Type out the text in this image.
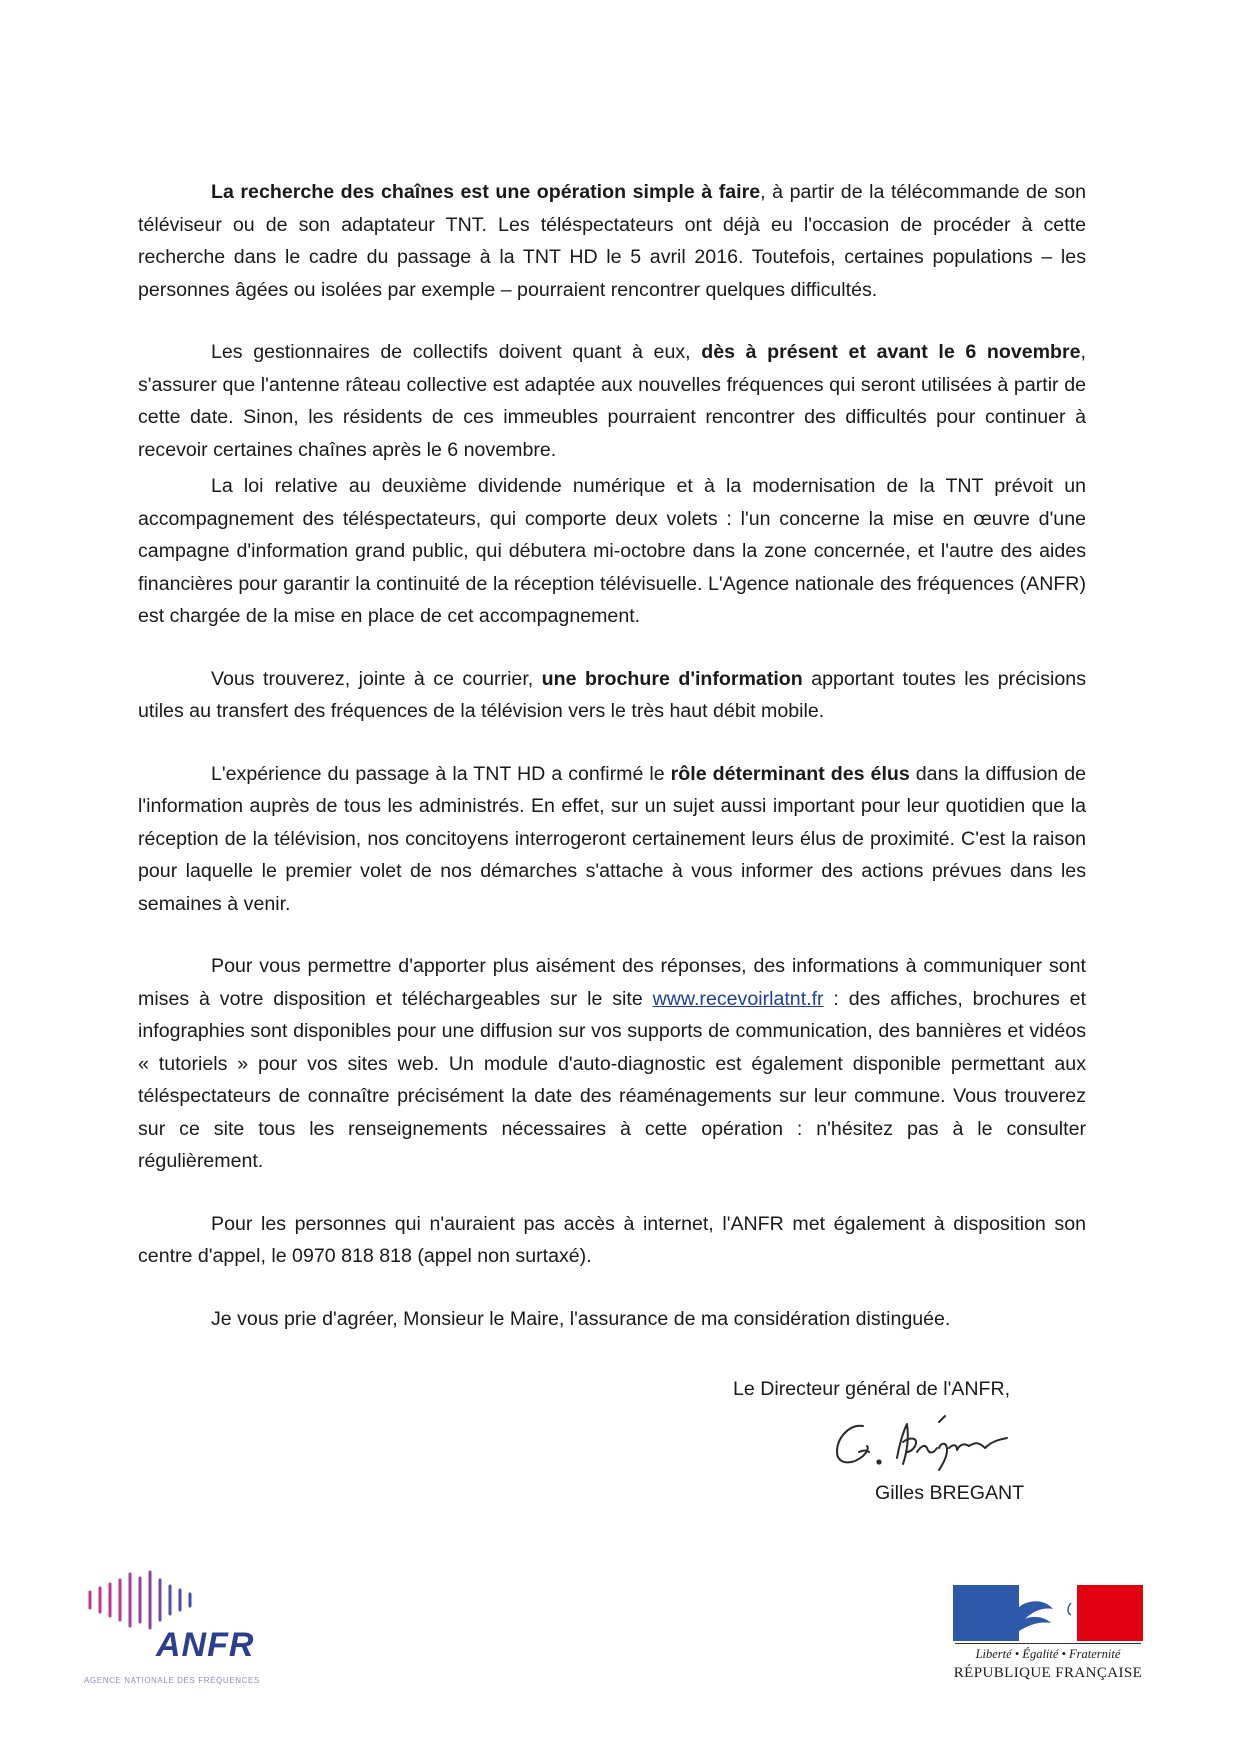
La recherche des chaînes est une opération simple à faire, à partir de la télécommande de son téléviseur ou de son adaptateur TNT. Les téléspectateurs ont déjà eu l'occasion de procéder à cette recherche dans le cadre du passage à la TNT HD le 5 avril 2016. Toutefois, certaines populations – les personnes âgées ou isolées par exemple – pourraient rencontrer quelques difficultés.

Les gestionnaires de collectifs doivent quant à eux, dès à présent et avant le 6 novembre, s'assurer que l'antenne râteau collective est adaptée aux nouvelles fréquences qui seront utilisées à partir de cette date. Sinon, les résidents de ces immeubles pourraient rencontrer des difficultés pour continuer à recevoir certaines chaînes après le 6 novembre.

La loi relative au deuxième dividende numérique et à la modernisation de la TNT prévoit un accompagnement des téléspectateurs, qui comporte deux volets : l'un concerne la mise en œuvre d'une campagne d'information grand public, qui débutera mi-octobre dans la zone concernée, et l'autre des aides financières pour garantir la continuité de la réception télévisuelle. L'Agence nationale des fréquences (ANFR) est chargée de la mise en place de cet accompagnement.

Vous trouverez, jointe à ce courrier, une brochure d'information apportant toutes les précisions utiles au transfert des fréquences de la télévision vers le très haut débit mobile.

L'expérience du passage à la TNT HD a confirmé le rôle déterminant des élus dans la diffusion de l'information auprès de tous les administrés. En effet, sur un sujet aussi important pour leur quotidien que la réception de la télévision, nos concitoyens interrogeront certainement leurs élus de proximité. C'est la raison pour laquelle le premier volet de nos démarches s'attache à vous informer des actions prévues dans les semaines à venir.

Pour vous permettre d'apporter plus aisément des réponses, des informations à communiquer sont mises à votre disposition et téléchargeables sur le site www.recevoirlatnt.fr : des affiches, brochures et infographies sont disponibles pour une diffusion sur vos supports de communication, des bannières et vidéos « tutoriels » pour vos sites web. Un module d'auto-diagnostic est également disponible permettant aux téléspectateurs de connaître précisément la date des réaménagements sur leur commune. Vous trouverez sur ce site tous les renseignements nécessaires à cette opération : n'hésitez pas à le consulter régulièrement.

Pour les personnes qui n'auraient pas accès à internet, l'ANFR met également à disposition son centre d'appel, le 0970 818 818 (appel non surtaxé).

Je vous prie d'agréer, Monsieur le Maire, l'assurance de ma considération distinguée.

Le Directeur général de l'ANFR,
Gilles BREGANT
ANFR
AGENCE NATIONALE DES FRÉQUENCES
Liberté • Égalité • Fraternité
RÉPUBLIQUE FRANÇAISE
